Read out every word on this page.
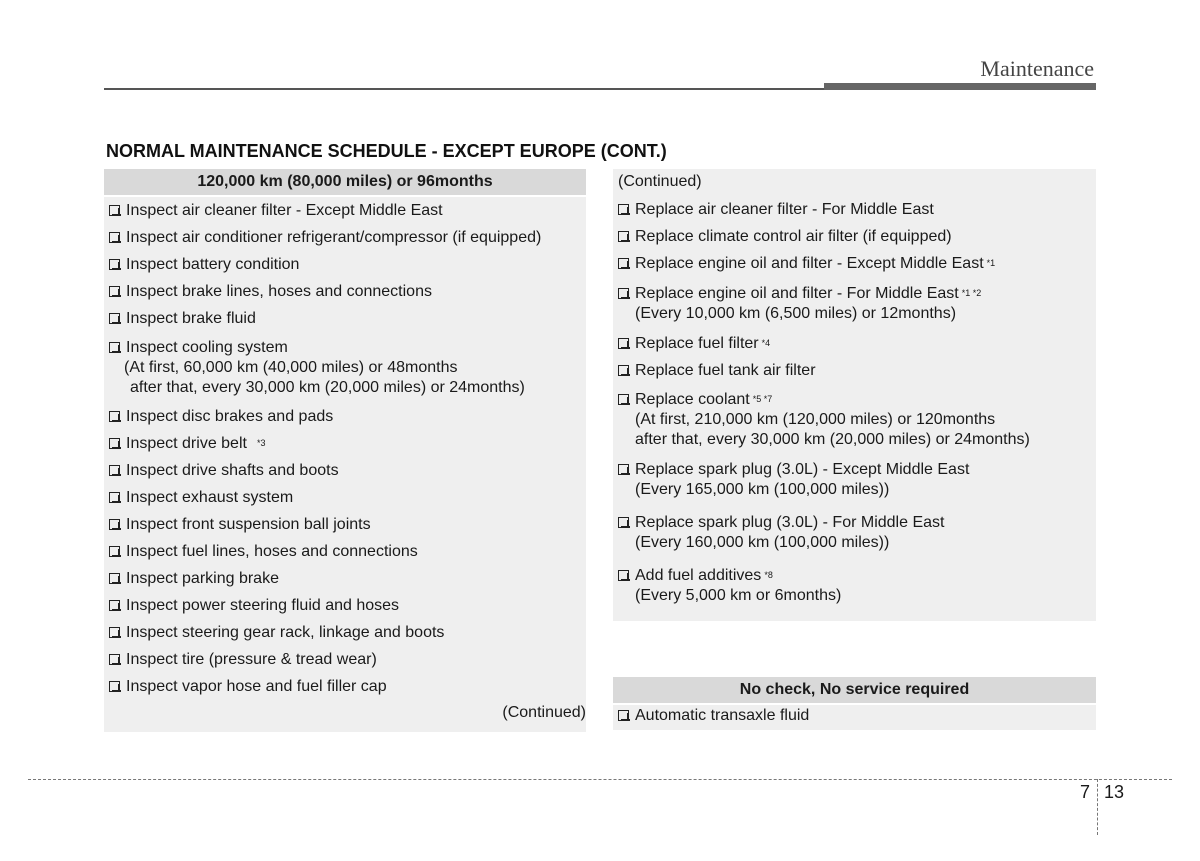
Maintenance
NORMAL MAINTENANCE SCHEDULE - EXCEPT EUROPE (CONT.)
120,000 km (80,000 miles) or 96months
Inspect air cleaner filter - Except Middle East
Inspect air conditioner refrigerant/compressor (if equipped)
Inspect battery condition
Inspect brake lines, hoses and connections
Inspect brake fluid
Inspect cooling system
(At first, 60,000 km (40,000 miles) or 48months
after that, every 30,000 km (20,000 miles) or 24months)
Inspect disc brakes and pads
Inspect drive belt $^{*3}$
Inspect drive shafts and boots
Inspect exhaust system
Inspect front suspension ball joints
Inspect fuel lines, hoses and connections
Inspect parking brake
Inspect power steering fluid and hoses
Inspect steering gear rack, linkage and boots
Inspect tire (pressure & tread wear)
Inspect vapor hose and fuel filler cap
(Continued)
(Continued)
Replace air cleaner filter - For Middle East
Replace climate control air filter (if equipped)
Replace engine oil and filter - Except Middle East $^{*1}$
Replace engine oil and filter - For Middle East $^{*1 *2}$
(Every 10,000 km (6,500 miles) or 12months)
Replace fuel filter $^{*4}$
Replace fuel tank air filter
Replace coolant $^{*5 *7}$
(At first, 210,000 km (120,000 miles) or 120months
after that, every 30,000 km (20,000 miles) or 24months)
Replace spark plug (3.0L) - Except Middle East
(Every 165,000 km (100,000 miles))
Replace spark plug (3.0L) - For Middle East
(Every 160,000 km (100,000 miles))
Add fuel additives $^{*8}$
(Every 5,000 km or 6months)
No check, No service required
Automatic transaxle fluid
7 13
